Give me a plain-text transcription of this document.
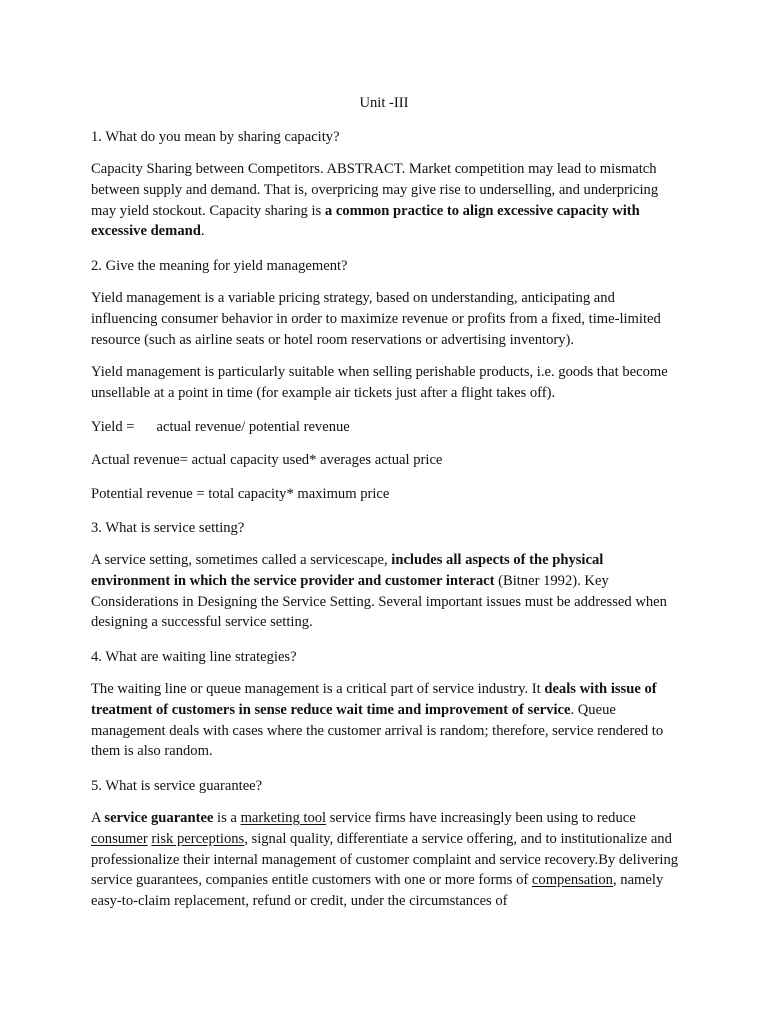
Unit -III

1. What do you mean by sharing capacity?

Capacity Sharing between Competitors. ABSTRACT. Market competition may lead to mismatch between supply and demand. That is, overpricing may give rise to underselling, and underpricing may yield stockout. Capacity sharing is a common practice to align excessive capacity with excessive demand.

2. Give the meaning for yield management?

Yield management is a variable pricing strategy, based on understanding, anticipating and influencing consumer behavior in order to maximize revenue or profits from a fixed, time-limited resource (such as airline seats or hotel room reservations or advertising inventory).

Yield management is particularly suitable when selling perishable products, i.e. goods that become unsellable at a point in time (for example air tickets just after a flight takes off).

Yield = actual revenue/ potential revenue

Actual revenue= actual capacity used* averages actual price

Potential revenue = total capacity* maximum price

3. What is service setting?

A service setting, sometimes called a servicescape, includes all aspects of the physical environment in which the service provider and customer interact (Bitner 1992). Key Considerations in Designing the Service Setting. Several important issues must be addressed when designing a successful service setting.

4. What are waiting line strategies?

The waiting line or queue management is a critical part of service industry. It deals with issue of treatment of customers in sense reduce wait time and improvement of service. Queue management deals with cases where the customer arrival is random; therefore, service rendered to them is also random.

5. What is service guarantee?

A service guarantee is a marketing tool service firms have increasingly been using to reduce consumer risk perceptions, signal quality, differentiate a service offering, and to institutionalize and professionalize their internal management of customer complaint and service recovery.By delivering service guarantees, companies entitle customers with one or more forms of compensation, namely easy-to-claim replacement, refund or credit, under the circumstances of
